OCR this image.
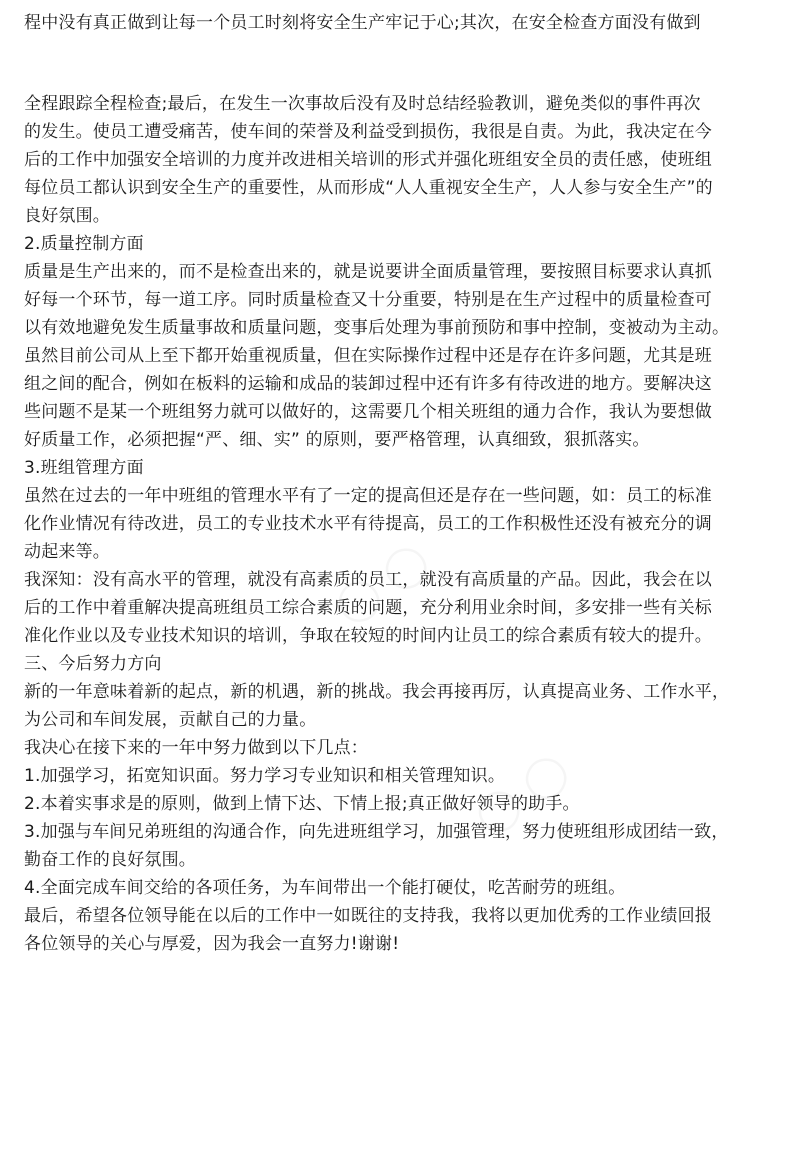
程中没有真正做到让每一个员工时刻将安全生产牢记于心;其次，在安全检查方面没有做到
全程跟踪全程检查;最后，在发生一次事故后没有及时总结经验教训，避免类似的事件再次
的发生。使员工遭受痛苦，使车间的荣誉及利益受到损伤，我很是自责。为此，我决定在今
后的工作中加强安全培训的力度并改进相关培训的形式并强化班组安全员的责任感，使班组
每位员工都认识到安全生产的重要性，从而形成“人人重视安全生产，人人参与安全生产”的
良好氛围。
2.质量控制方面
质量是生产出来的，而不是检查出来的，就是说要讲全面质量管理，要按照目标要求认真抓
好每一个环节，每一道工序。同时质量检查又十分重要，特别是在生产过程中的质量检查可
以有效地避免发生质量事故和质量问题，变事后处理为事前预防和事中控制，变被动为主动。
虽然目前公司从上至下都开始重视质量，但在实际操作过程中还是存在许多问题，尤其是班
组之间的配合，例如在板料的运输和成品的装卸过程中还有许多有待改进的地方。要解决这
些问题不是某一个班组努力就可以做好的，这需要几个相关班组的通力合作，我认为要想做
好质量工作，必须把握“严、细、实” 的原则，要严格管理，认真细致，狠抓落实。
3.班组管理方面
虽然在过去的一年中班组的管理水平有了一定的提高但还是存在一些问题，如：员工的标准
化作业情况有待改进，员工的专业技术水平有待提高，员工的工作积极性还没有被充分的调
动起来等。
我深知：没有高水平的管理，就没有高素质的员工，就没有高质量的产品。因此，我会在以
后的工作中着重解决提高班组员工综合素质的问题，充分利用业余时间，多安排一些有关标
准化作业以及专业技术知识的培训，争取在较短的时间内让员工的综合素质有较大的提升。
三、今后努力方向
新的一年意味着新的起点，新的机遇，新的挑战。我会再接再厉，认真提高业务、工作水平，
为公司和车间发展，贡献自己的力量。
我决心在接下来的一年中努力做到以下几点：
1.加强学习，拓宽知识面。努力学习专业知识和相关管理知识。
2.本着实事求是的原则，做到上情下达、下情上报;真正做好领导的助手。
3.加强与车间兄弟班组的沟通合作，向先进班组学习，加强管理，努力使班组形成团结一致，
勤奋工作的良好氛围。
4.全面完成车间交给的各项任务，为车间带出一个能打硬仗，吃苦耐劳的班组。
最后，希望各位领导能在以后的工作中一如既往的支持我，我将以更加优秀的工作业绩回报
各位领导的关心与厚爱，因为我会一直努力!谢谢!
